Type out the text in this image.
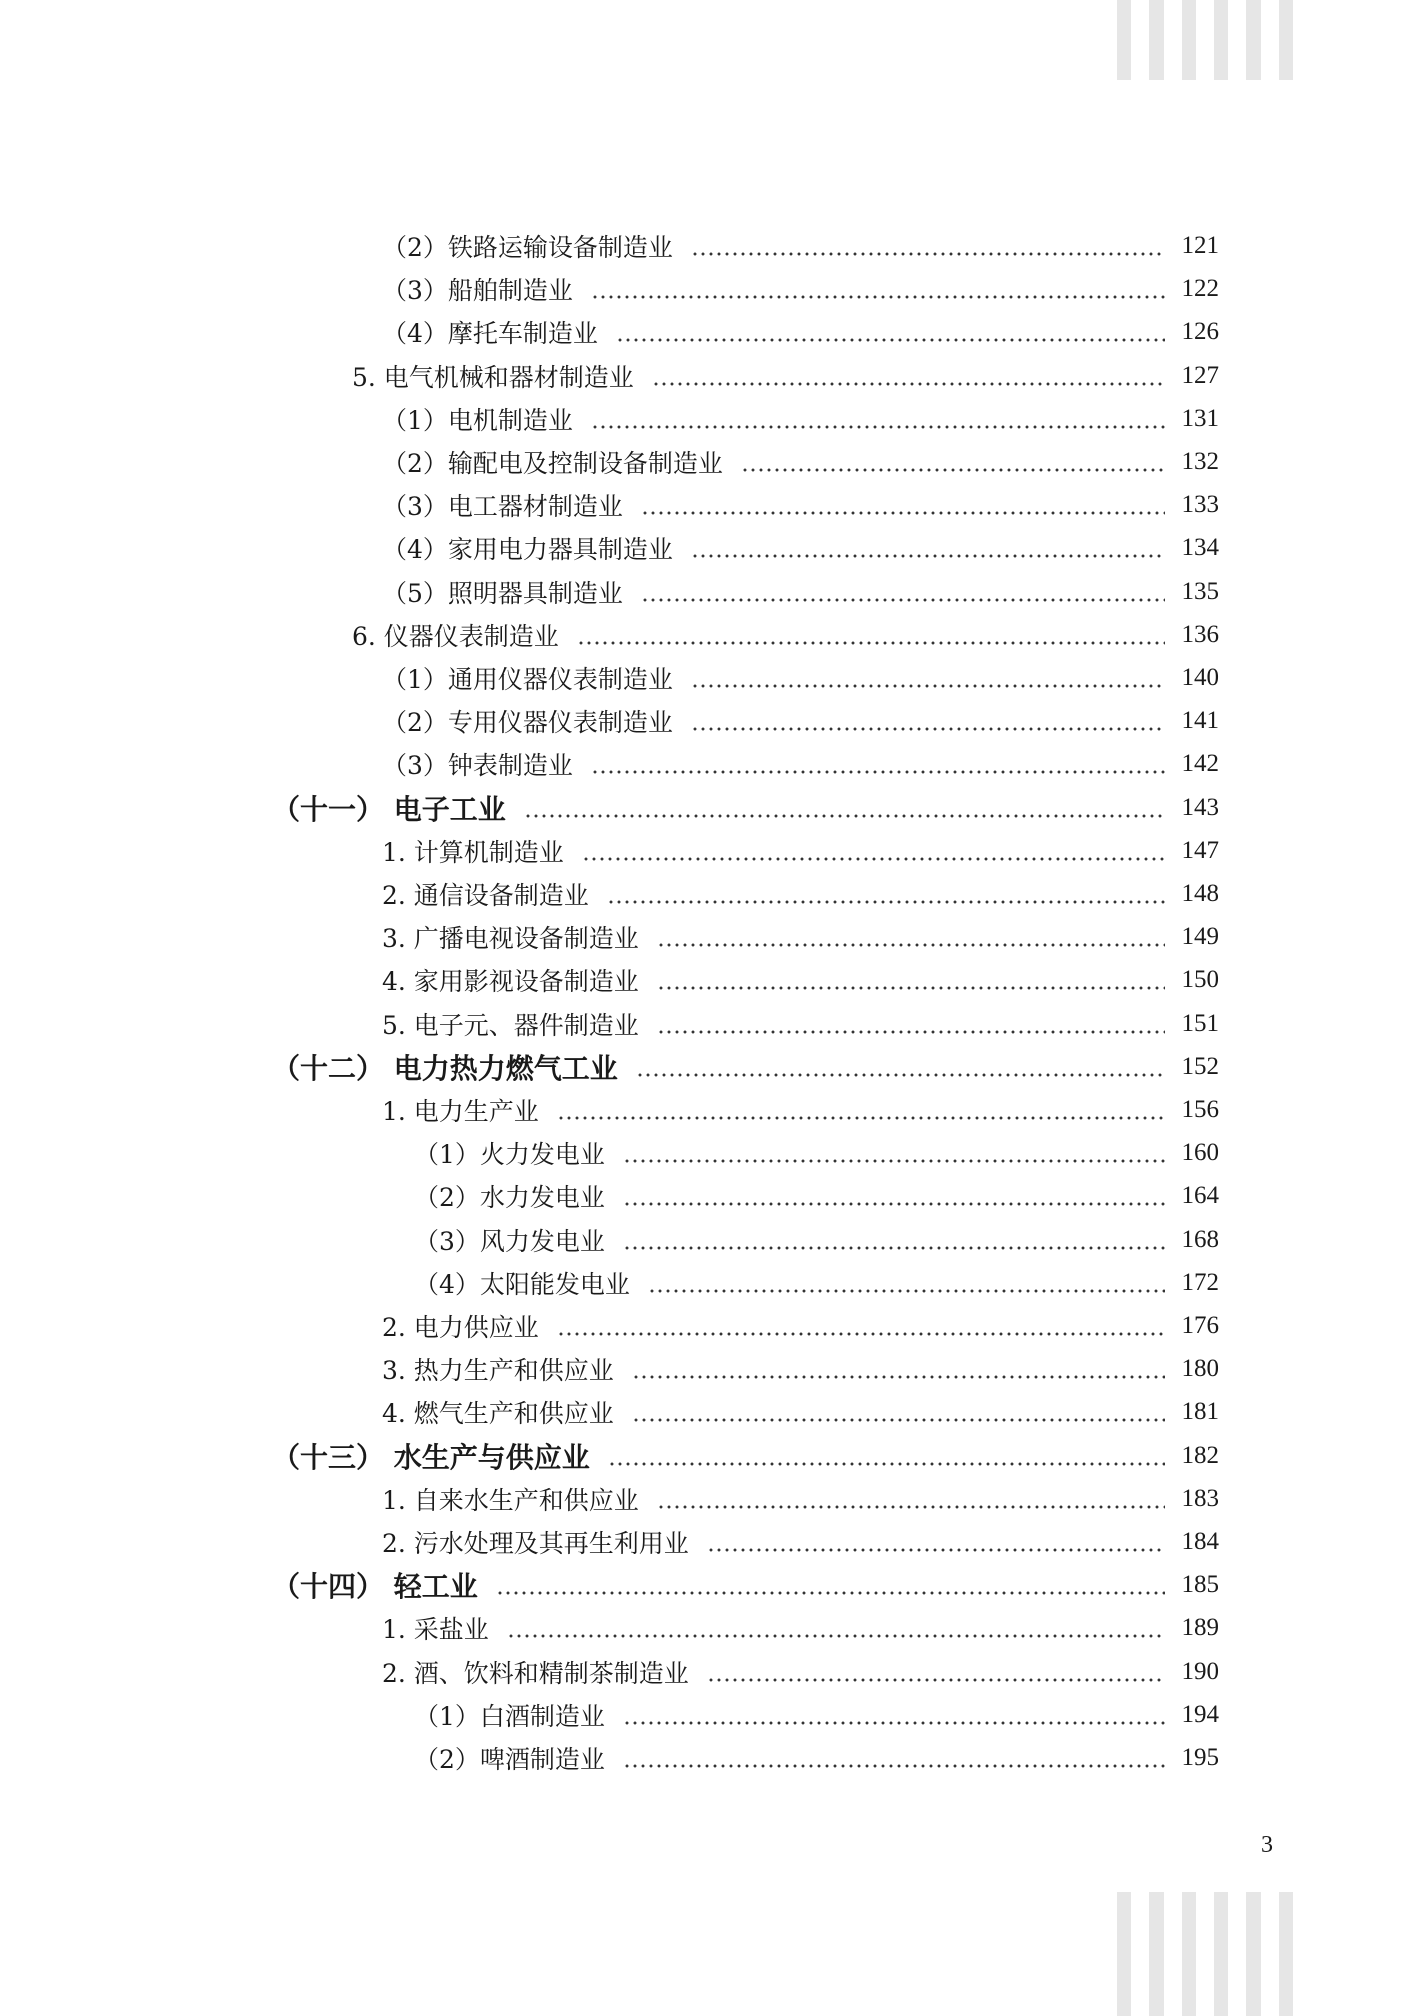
（2）铁路运输设备制造业	121
（3）船舶制造业	122
（4）摩托车制造业	126
5. 电气机械和器材制造业	127
（1）电机制造业	131
（2）输配电及控制设备制造业	132
（3）电工器材制造业	133
（4）家用电力器具制造业	134
（5）照明器具制造业	135
6. 仪器仪表制造业	136
（1）通用仪器仪表制造业	140
（2）专用仪器仪表制造业	141
（3）钟表制造业	142
（十一） 电子工业	143
1. 计算机制造业	147
2. 通信设备制造业	148
3. 广播电视设备制造业	149
4. 家用影视设备制造业	150
5. 电子元、器件制造业	151
（十二） 电力热力燃气工业	152
1. 电力生产业	156
（1）火力发电业	160
（2）水力发电业	164
（3）风力发电业	168
（4）太阳能发电业	172
2. 电力供应业	176
3. 热力生产和供应业	180
4. 燃气生产和供应业	181
（十三） 水生产与供应业	182
1. 自来水生产和供应业	183
2. 污水处理及其再生利用业	184
（十四） 轻工业	185
1. 采盐业	189
2. 酒、饮料和精制茶制造业	190
（1）白酒制造业	194
（2）啤酒制造业	195
3
